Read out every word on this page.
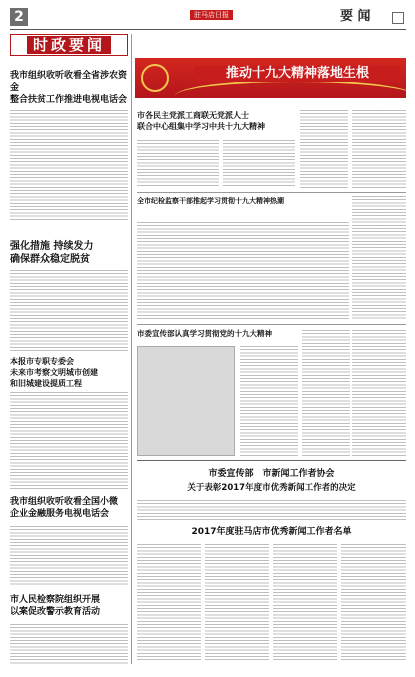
2	驻马店日报	要 闻
时政要闻
我市组织收听收看全省涉农资金
整合扶贫工作推进电视电话会
强化措施 持续发力
确保群众稳定脱贫
本报市专职专委会
未来市考察文明城市创建
和旧城建设提质工程
我市组织收听收看全国小微
企业金融服务电视电话会
市人民检察院组织开展
以案促改警示教育活动
推动十九大精神落地生根
市各民主党派工商联无党派人士
联合中心组集中学习中共十九大精神
全市纪检监察干部推起学习贯彻十九大精神热潮
市委宣传部认真学习贯彻党的十九大精神
市委宣传部　市新闻工作者协会
关于表彰2017年度市优秀新闻工作者的决定
2017年度驻马店市优秀新闻工作者名单
